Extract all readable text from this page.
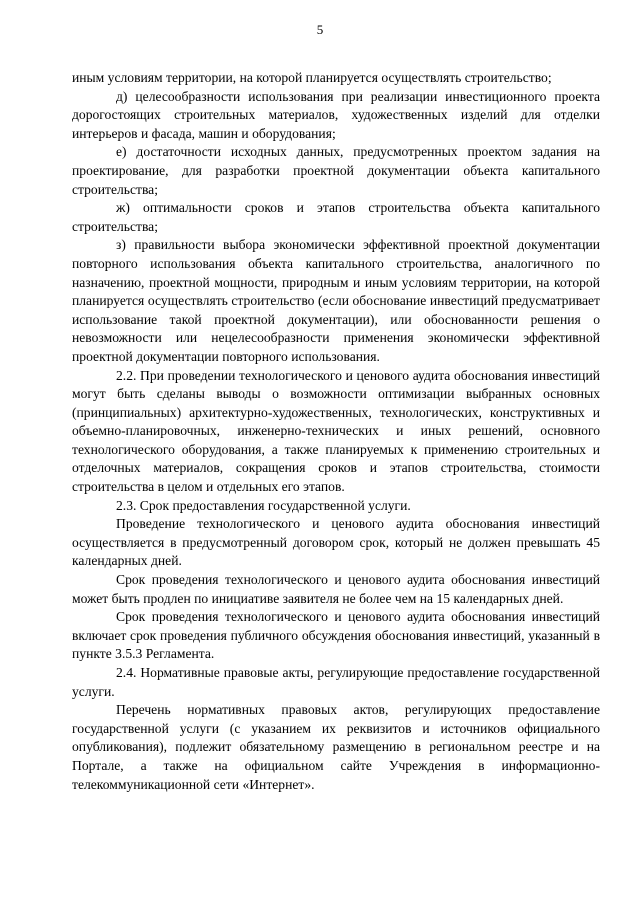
5

иным условиям территории, на которой планируется осуществлять строительство;

д) целесообразности использования при реализации инвестиционного проекта дорогостоящих строительных материалов, художественных изделий для отделки интерьеров и фасада, машин и оборудования;

е) достаточности исходных данных, предусмотренных проектом задания на проектирование, для разработки проектной документации объекта капитального строительства;

ж) оптимальности сроков и этапов строительства объекта капитального строительства;

з) правильности выбора экономически эффективной проектной документации повторного использования объекта капитального строительства, аналогичного по назначению, проектной мощности, природным и иным условиям территории, на которой планируется осуществлять строительство (если обоснование инвестиций предусматривает использование такой проектной документации), или обоснованности решения о невозможности или нецелесообразности применения экономически эффективной проектной документации повторного использования.

2.2. При проведении технологического и ценового аудита обоснования инвестиций могут быть сделаны выводы о возможности оптимизации выбранных основных (принципиальных) архитектурно-художественных, технологических, конструктивных и объемно-планировочных, инженерно-технических и иных решений, основного технологического оборудования, а также планируемых к применению строительных и отделочных материалов, сокращения сроков и этапов строительства, стоимости строительства в целом и отдельных его этапов.

2.3. Срок предоставления государственной услуги.

Проведение технологического и ценового аудита обоснования инвестиций осуществляется в предусмотренный договором срок, который не должен превышать 45 календарных дней.

Срок проведения технологического и ценового аудита обоснования инвестиций может быть продлен по инициативе заявителя не более чем на 15 календарных дней.

Срок проведения технологического и ценового аудита обоснования инвестиций включает срок проведения публичного обсуждения обоснования инвестиций, указанный в пункте 3.5.3 Регламента.

2.4. Нормативные правовые акты, регулирующие предоставление государственной услуги.

Перечень нормативных правовых актов, регулирующих предоставление государственной услуги (с указанием их реквизитов и источников официального опубликования), подлежит обязательному размещению в региональном реестре и на Портале, а также на официальном сайте Учреждения в информационно-телекоммуникационной сети «Интернет».
